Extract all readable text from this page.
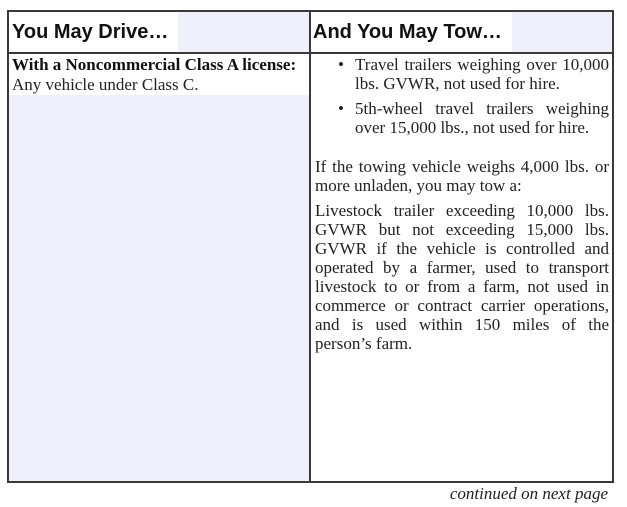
You May Drive…	And You May Tow…
With a Noncommercial Class A license:
Any vehicle under Class C.
• Travel trailers weighing over 10,000 lbs. GVWR, not used for hire.
• 5th-wheel travel trailers weighing over 15,000 lbs., not used for hire.

If the towing vehicle weighs 4,000 lbs. or more unladen, you may tow a:

Livestock trailer exceeding 10,000 lbs. GVWR but not exceeding 15,000 lbs. GVWR if the vehicle is controlled and operated by a farmer, used to transport livestock to or from a farm, not used in commerce or contract carrier operations, and is used within 150 miles of the person’s farm.

continued on next page
